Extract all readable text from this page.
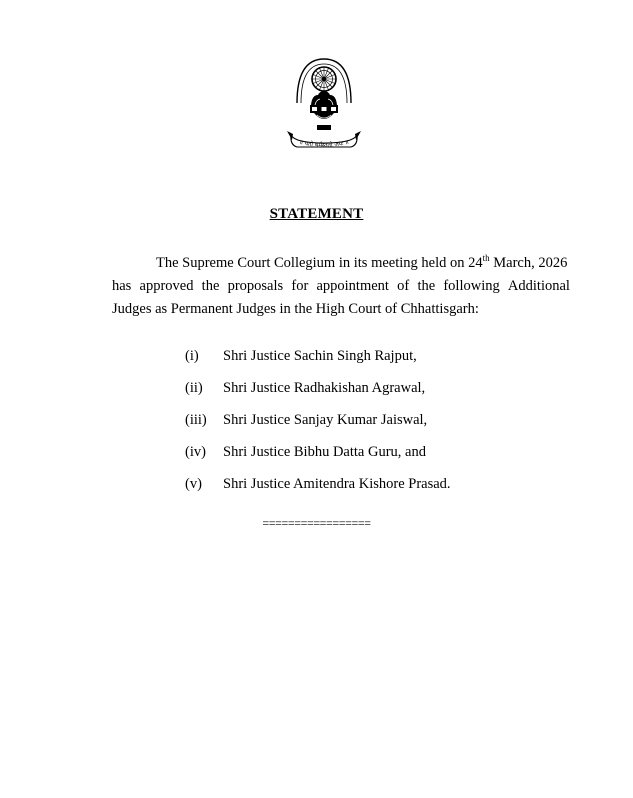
॥ यतो धर्मस्ततो जयः ॥
STATEMENT
The Supreme Court Collegium in its meeting held on 24th March, 2026
has approved the proposals for appointment of the following Additional
Judges as Permanent Judges in the High Court of Chhattisgarh:
(i)	Shri Justice Sachin Singh Rajput,
(ii)	Shri Justice Radhakishan Agrawal,
(iii)	Shri Justice Sanjay Kumar Jaiswal,
(iv)	Shri Justice Bibhu Datta Guru, and
(v)	Shri Justice Amitendra Kishore Prasad.
=================
